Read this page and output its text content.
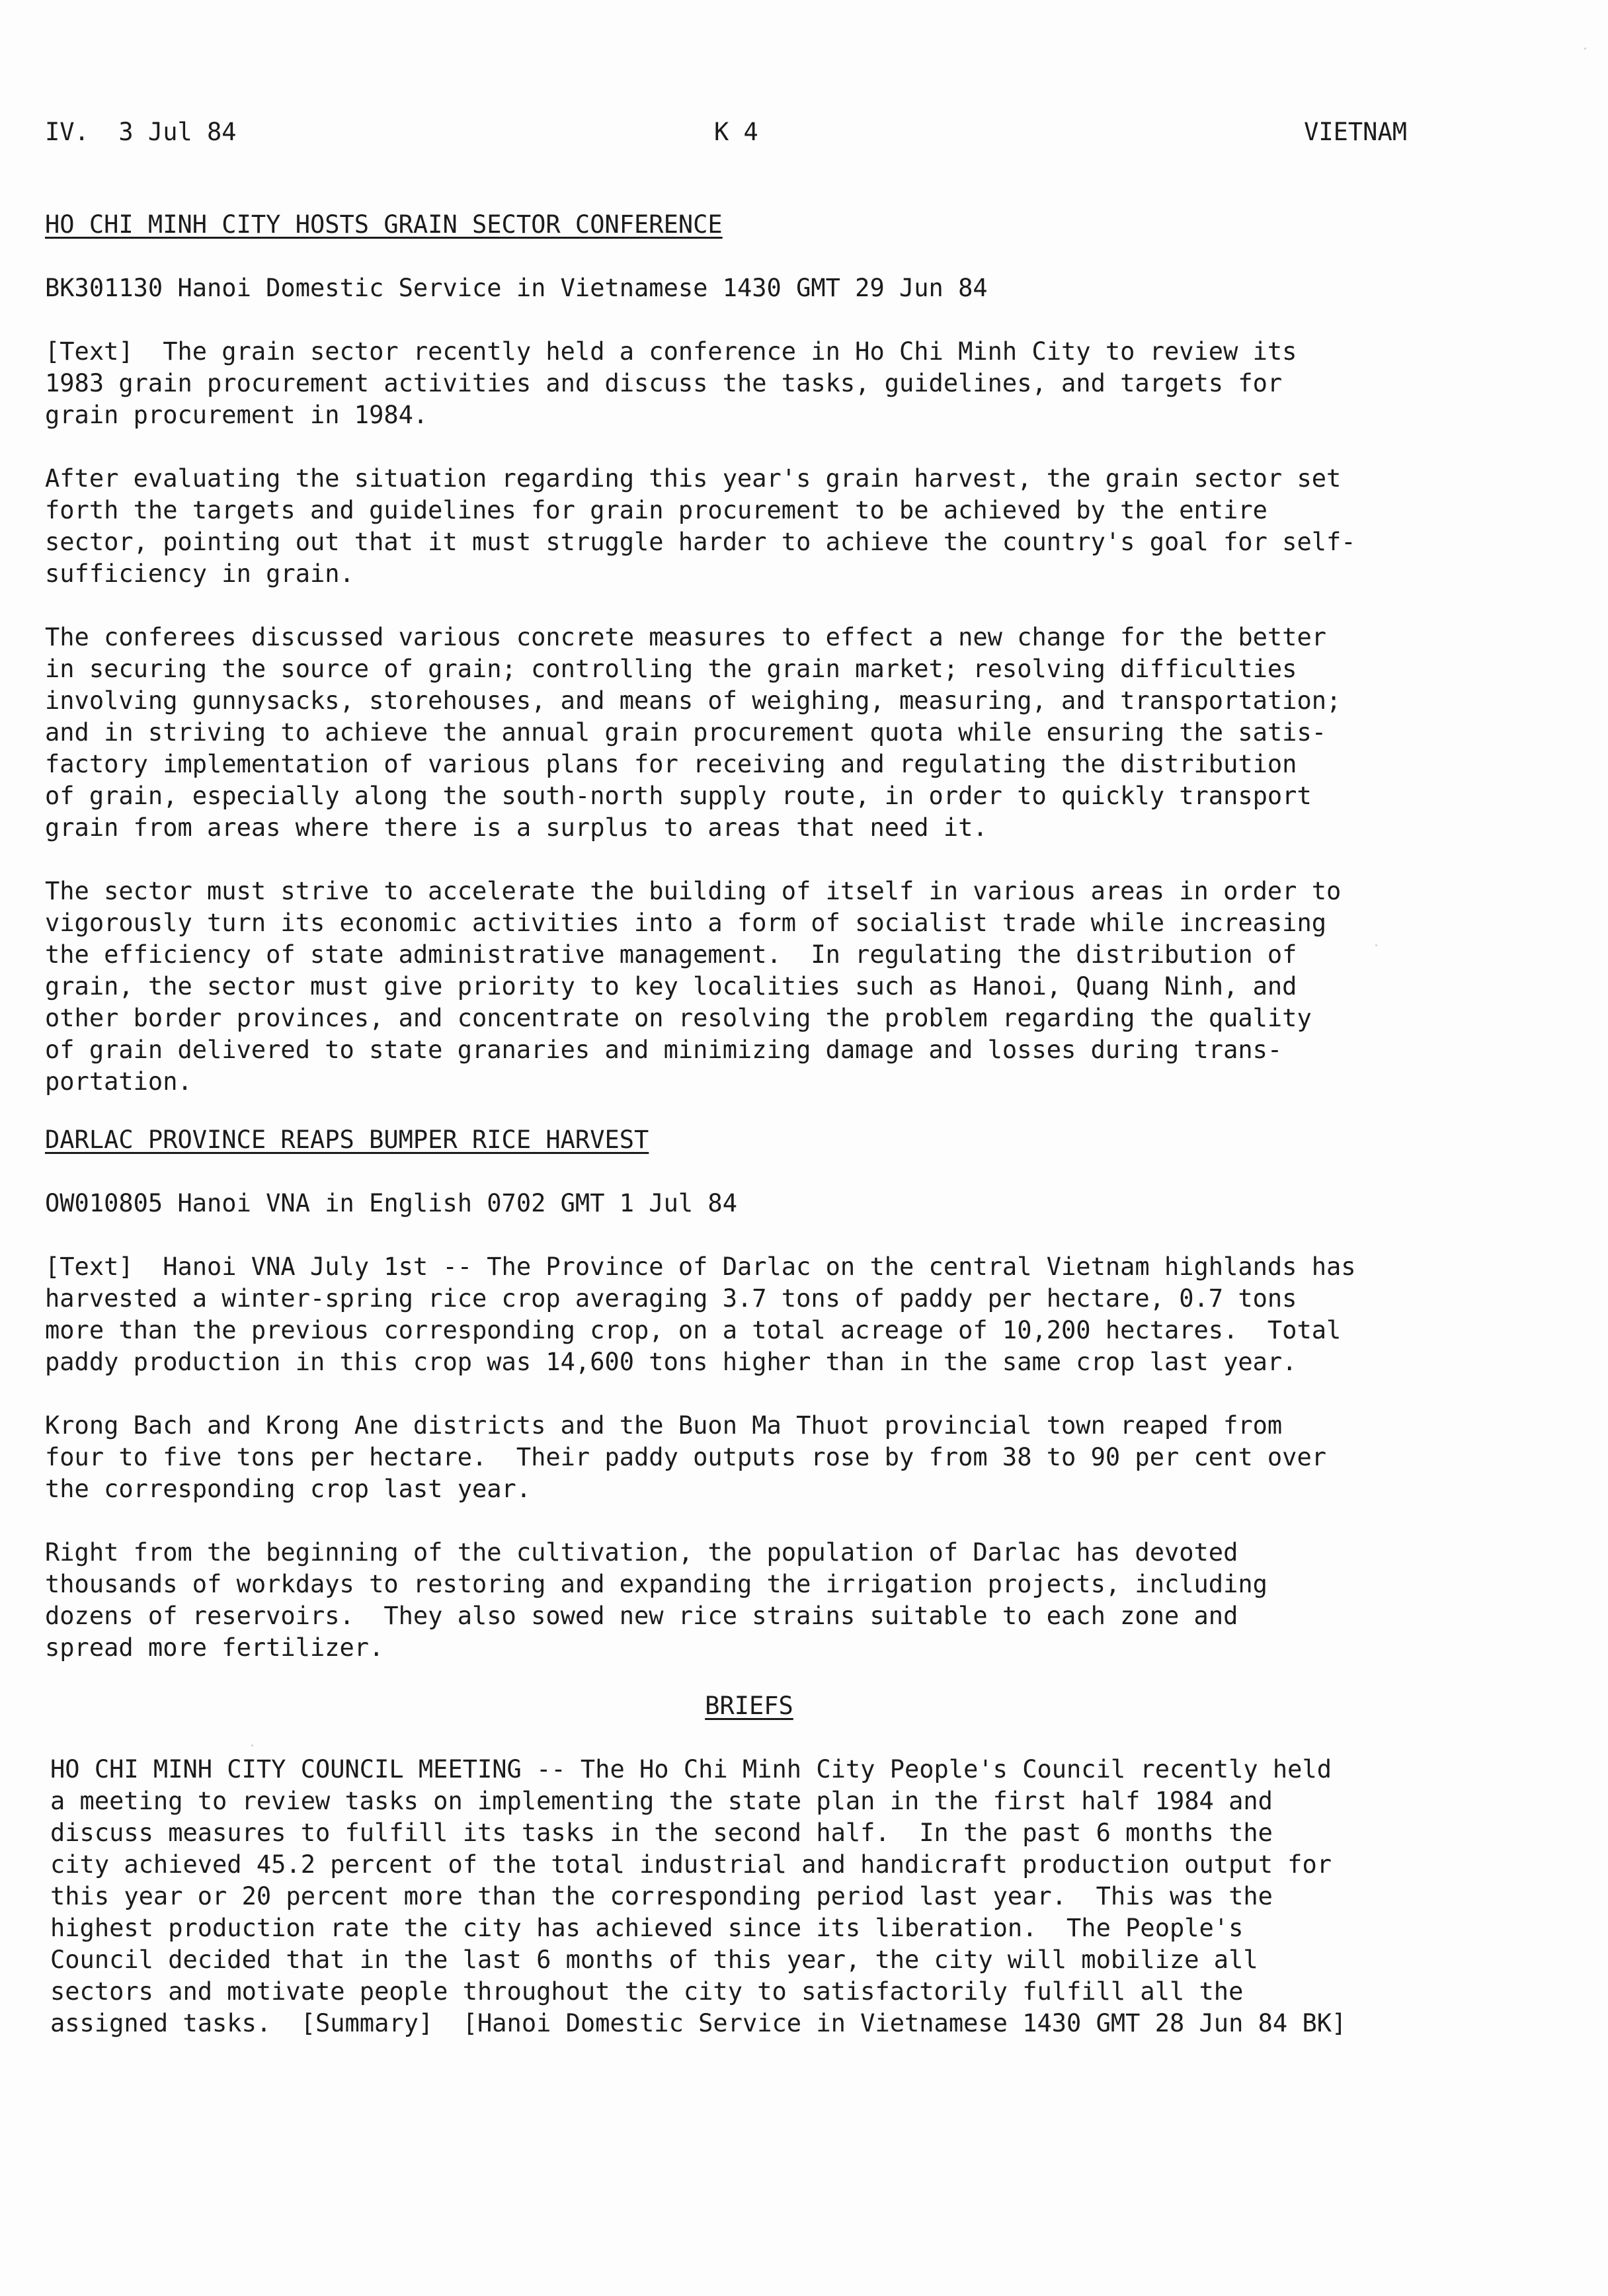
IV.  3 Jul 84	K 4	VIETNAM

HO CHI MINH CITY HOSTS GRAIN SECTOR CONFERENCE

BK301130 Hanoi Domestic Service in Vietnamese 1430 GMT 29 Jun 84

[Text]  The grain sector recently held a conference in Ho Chi Minh City to review its

1983 grain procurement activities and discuss the tasks, guidelines, and targets for

grain procurement in 1984.

After evaluating the situation regarding this year's grain harvest, the grain sector set

forth the targets and guidelines for grain procurement to be achieved by the entire

sector, pointing out that it must struggle harder to achieve the country's goal for self-

sufficiency in grain.

The conferees discussed various concrete measures to effect a new change for the better

in securing the source of grain; controlling the grain market; resolving difficulties

involving gunnysacks, storehouses, and means of weighing, measuring, and transportation;

and in striving to achieve the annual grain procurement quota while ensuring the satis-

factory implementation of various plans for receiving and regulating the distribution

of grain, especially along the south-north supply route, in order to quickly transport

grain from areas where there is a surplus to areas that need it.

The sector must strive to accelerate the building of itself in various areas in order to

vigorously turn its economic activities into a form of socialist trade while increasing

the efficiency of state administrative management.  In regulating the distribution of

grain, the sector must give priority to key localities such as Hanoi, Quang Ninh, and

other border provinces, and concentrate on resolving the problem regarding the quality

of grain delivered to state granaries and minimizing damage and losses during trans-

portation.

DARLAC PROVINCE REAPS BUMPER RICE HARVEST

OW010805 Hanoi VNA in English 0702 GMT 1 Jul 84

[Text]  Hanoi VNA July 1st -- The Province of Darlac on the central Vietnam highlands has

harvested a winter-spring rice crop averaging 3.7 tons of paddy per hectare, 0.7 tons

more than the previous corresponding crop, on a total acreage of 10,200 hectares.  Total

paddy production in this crop was 14,600 tons higher than in the same crop last year.

Krong Bach and Krong Ane districts and the Buon Ma Thuot provincial town reaped from

four to five tons per hectare.  Their paddy outputs rose by from 38 to 90 per cent over

the corresponding crop last year.

Right from the beginning of the cultivation, the population of Darlac has devoted

thousands of workdays to restoring and expanding the irrigation projects, including

dozens of reservoirs.  They also sowed new rice strains suitable to each zone and

spread more fertilizer.

BRIEFS

HO CHI MINH CITY COUNCIL MEETING -- The Ho Chi Minh City People's Council recently held

a meeting to review tasks on implementing the state plan in the first half 1984 and

discuss measures to fulfill its tasks in the second half.  In the past 6 months the

city achieved 45.2 percent of the total industrial and handicraft production output for

this year or 20 percent more than the corresponding period last year.  This was the

highest production rate the city has achieved since its liberation.  The People's

Council decided that in the last 6 months of this year, the city will mobilize all

sectors and motivate people throughout the city to satisfactorily fulfill all the

assigned tasks.  [Summary]  [Hanoi Domestic Service in Vietnamese 1430 GMT 28 Jun 84 BK]
